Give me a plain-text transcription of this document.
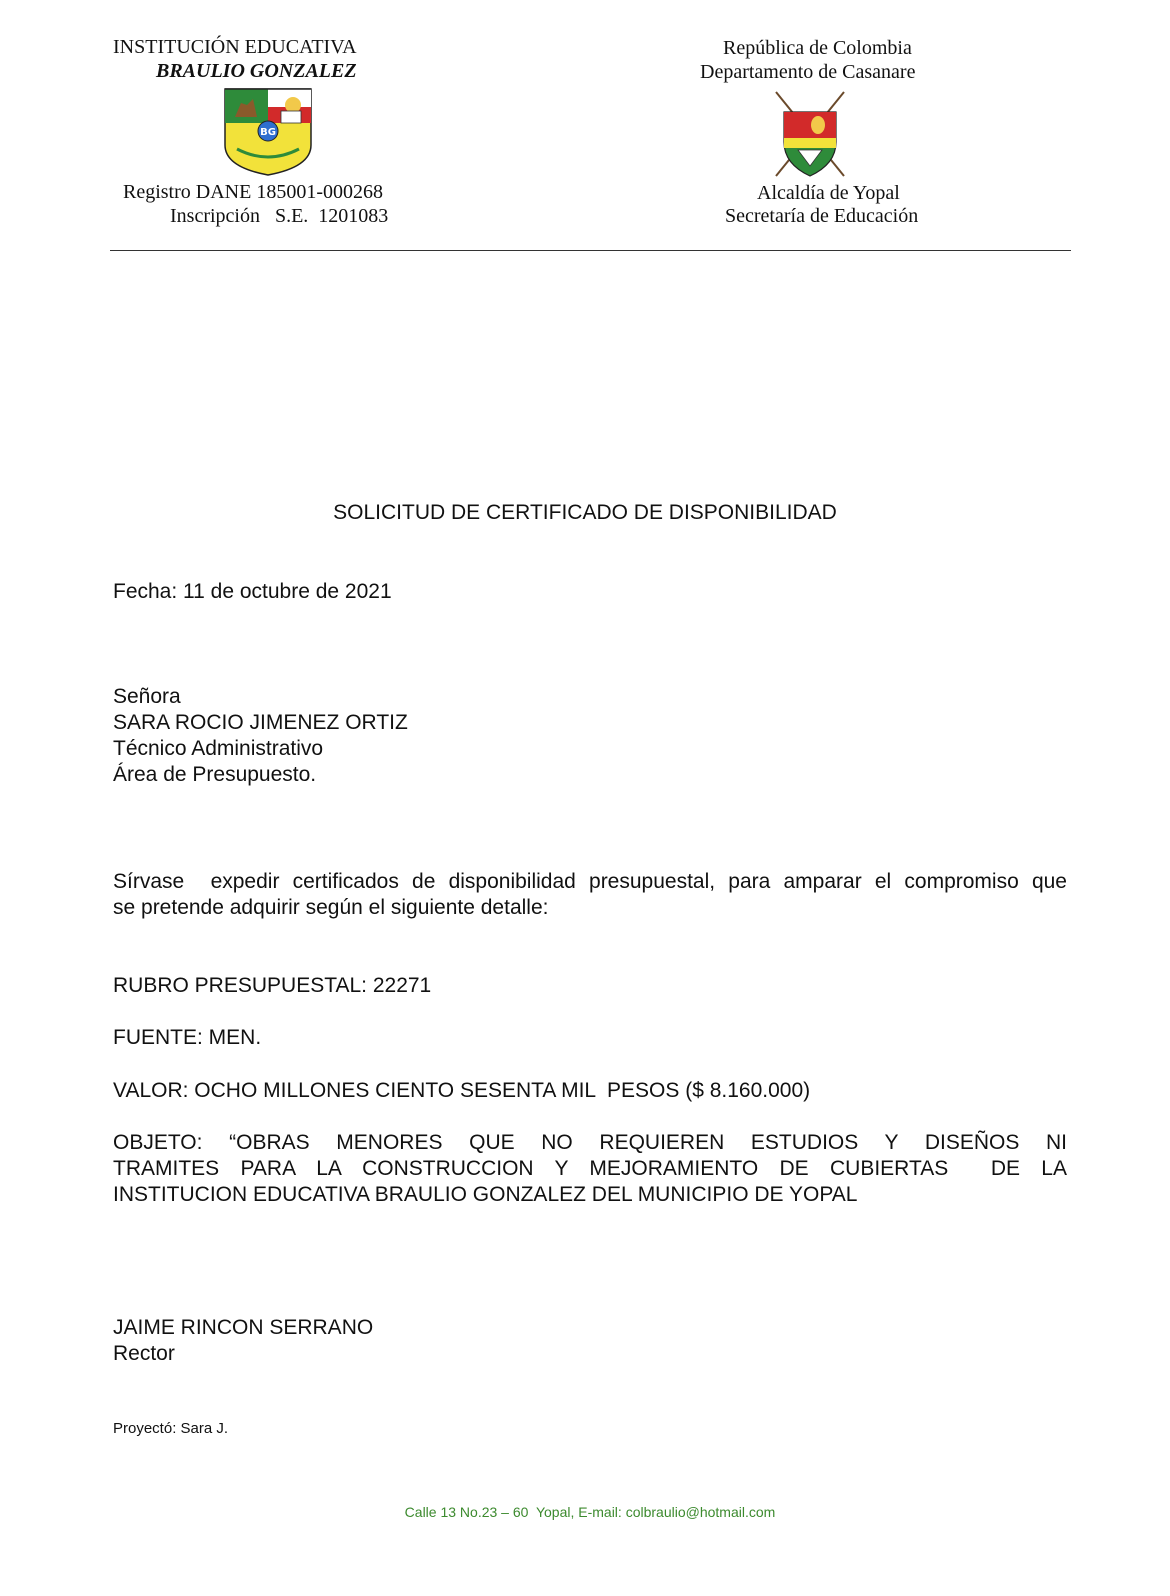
INSTITUCIÓN EDUCATIVA
BRAULIO GONZALEZ
BG
Registro DANE 185001-000268
Inscripción   S.E.  1201083
República de Colombia
Departamento de Casanare
Alcaldía de Yopal
Secretaría de Educación
SOLICITUD DE CERTIFICADO DE DISPONIBILIDAD
Fecha: 11 de octubre de 2021
Señora
SARA ROCIO JIMENEZ ORTIZ
Técnico Administrativo
Área de Presupuesto.
Sírvase  expedir certificados de disponibilidad presupuestal, para amparar el compromiso que
se pretende adquirir según el siguiente detalle:
RUBRO PRESUPUESTAL: 22271
FUENTE: MEN.
VALOR: OCHO MILLONES CIENTO SESENTA MIL  PESOS ($ 8.160.000)
OBJETO: “OBRAS MENORES QUE NO REQUIEREN ESTUDIOS Y DISEÑOS NI
TRAMITES PARA LA CONSTRUCCION Y MEJORAMIENTO DE CUBIERTAS  DE LA
INSTITUCION EDUCATIVA BRAULIO GONZALEZ DEL MUNICIPIO DE YOPAL
JAIME RINCON SERRANO
Rector
Proyectó: Sara J.
Calle 13 No.23 – 60  Yopal, E-mail: colbraulio@hotmail.com
